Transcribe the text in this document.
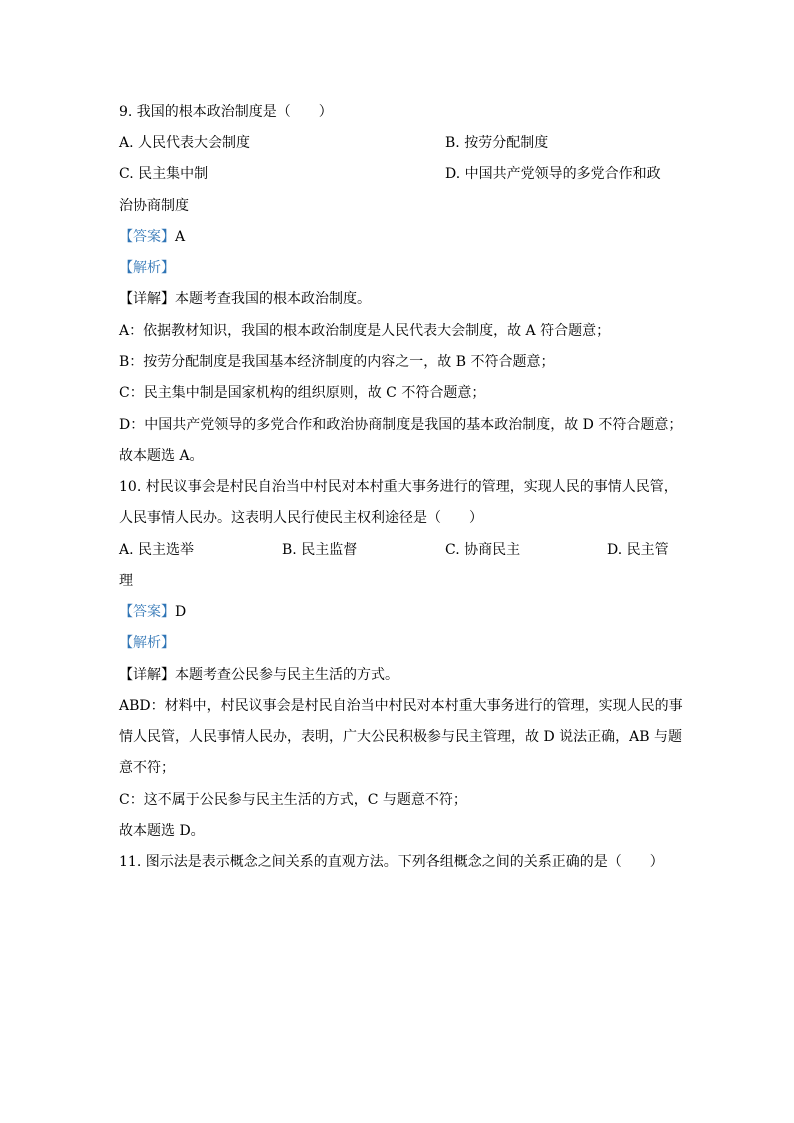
9. 我国的根本政治制度是（　　）
A. 人民代表大会制度	B. 按劳分配制度
C. 民主集中制	D. 中国共产党领导的多党合作和政
治协商制度
【答案】A
【解析】
【详解】本题考查我国的根本政治制度。
A：依据教材知识，我国的根本政治制度是人民代表大会制度，故 A 符合题意；
B：按劳分配制度是我国基本经济制度的内容之一，故 B 不符合题意；
C：民主集中制是国家机构的组织原则，故 C 不符合题意；
D：中国共产党领导的多党合作和政治协商制度是我国的基本政治制度，故 D 不符合题意；
故本题选 A。
10. 村民议事会是村民自治当中村民对本村重大事务进行的管理，实现人民的事情人民管，
人民事情人民办。这表明人民行使民主权利途径是（　　）
A. 民主选举	B. 民主监督	C. 协商民主	D. 民主管
理
【答案】D
【解析】
【详解】本题考查公民参与民主生活的方式。
ABD：材料中，村民议事会是村民自治当中村民对本村重大事务进行的管理，实现人民的事
情人民管，人民事情人民办，表明，广大公民积极参与民主管理，故 D 说法正确，AB 与题
意不符；
C：这不属于公民参与民主生活的方式，C 与题意不符；
故本题选 D。
11. 图示法是表示概念之间关系的直观方法。下列各组概念之间的关系正确的是（　　）
